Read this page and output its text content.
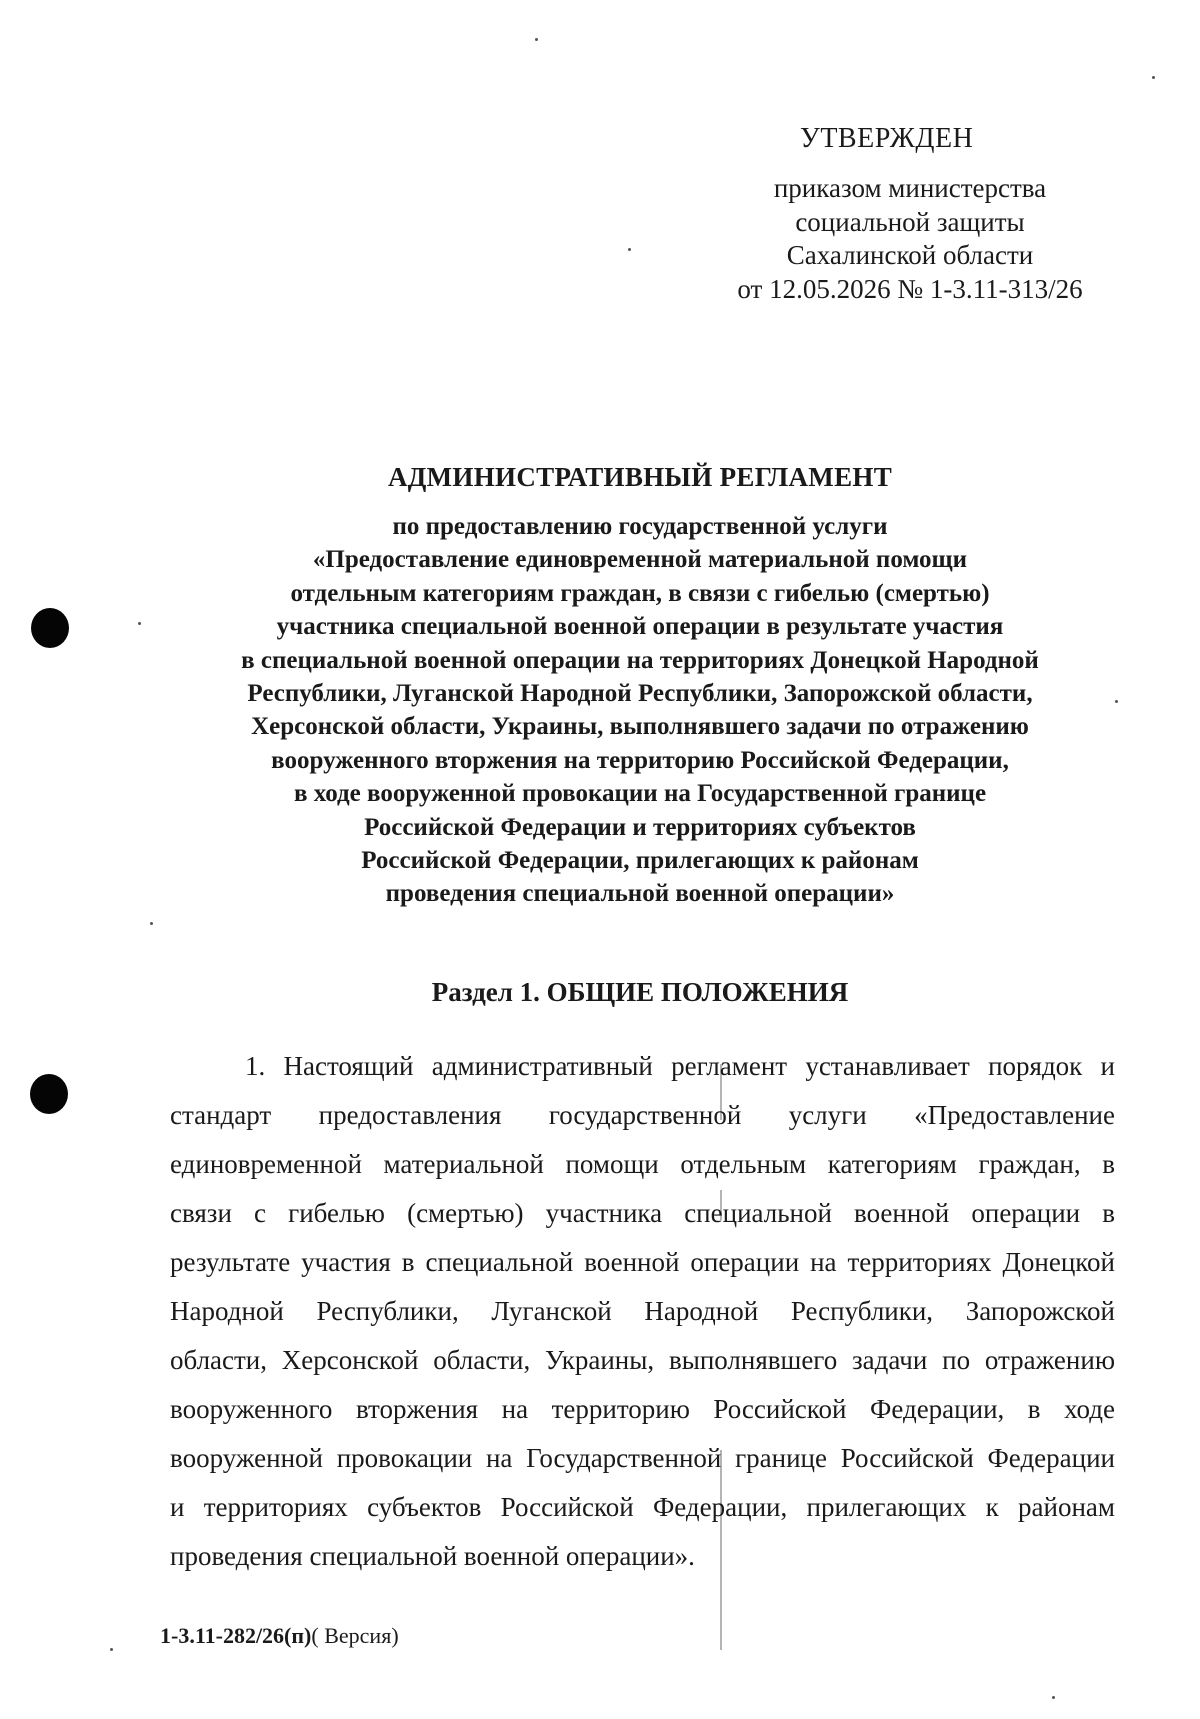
УТВЕРЖДЕН
приказом министерства
социальной защиты
Сахалинской области
от 12.05.2026 № 1-3.11-313/26
АДМИНИСТРАТИВНЫЙ РЕГЛАМЕНТ
по предоставлению государственной услуги
«Предоставление единовременной материальной помощи
отдельным категориям граждан, в связи с гибелью (смертью)
участника специальной военной операции в результате участия
в специальной военной операции на территориях Донецкой Народной
Республики, Луганской Народной Республики, Запорожской области,
Херсонской области, Украины, выполнявшего задачи по отражению
вооруженного вторжения на территорию Российской Федерации,
в ходе вооруженной провокации на Государственной границе
Российской Федерации и территориях субъектов
Российской Федерации, прилегающих к районам
проведения специальной военной операции»
Раздел 1. ОБЩИЕ ПОЛОЖЕНИЯ
1. Настоящий административный регламент устанавливает порядок и
стандарт предоставления государственной услуги «Предоставление
единовременной материальной помощи отдельным категориям граждан, в
связи с гибелью (смертью) участника специальной военной операции в
результате участия в специальной военной операции на территориях Донецкой
Народной Республики, Луганской Народной Республики, Запорожской
области, Херсонской области, Украины, выполнявшего задачи по отражению
вооруженного вторжения на территорию Российской Федерации, в ходе
вооруженной провокации на Государственной границе Российской Федерации
и территориях субъектов Российской Федерации, прилегающих к районам
проведения специальной военной операции».
1-3.11-282/26(п)( Версия)
